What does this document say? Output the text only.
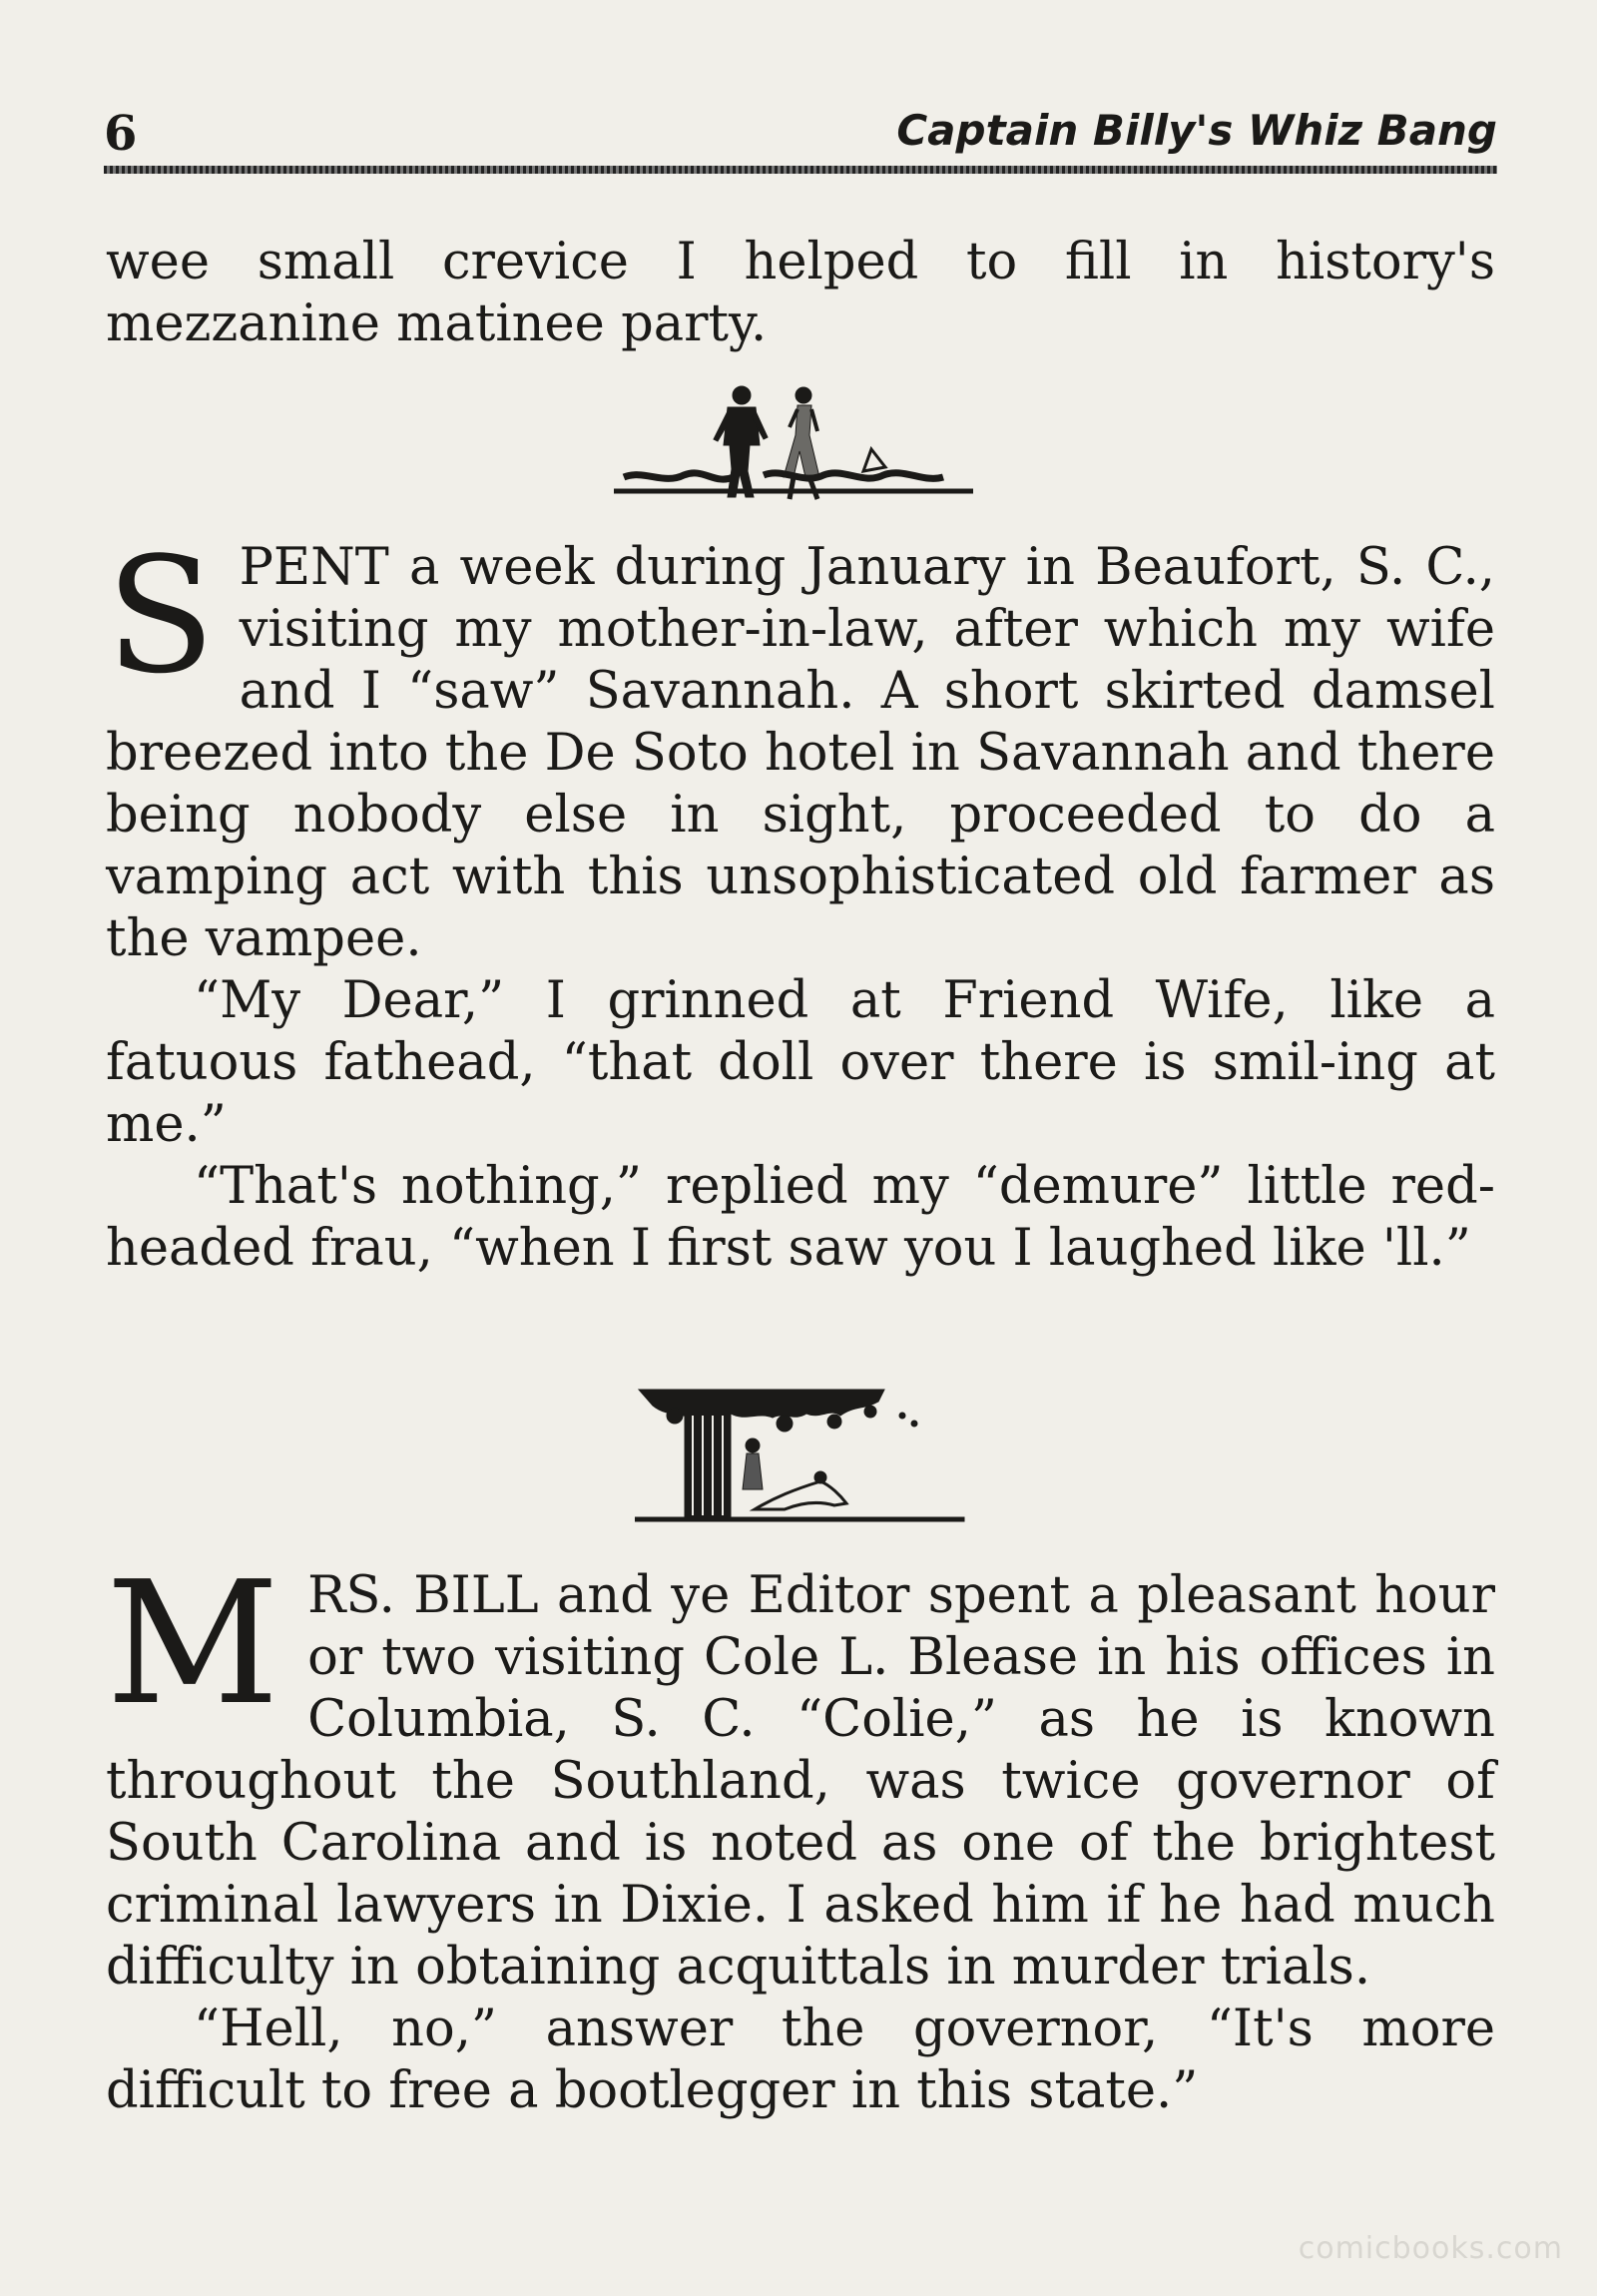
6	Captain Billy's Whiz Bang

wee small crevice I helped to fill in history's mezzanine matinee party.

S PENT a week during January in Beaufort, S. C., visiting my mother-in-law, after which my wife and I “saw” Savannah. A short skirted damsel breezed into the De Soto hotel in Savannah and there being nobody else in sight, proceeded to do a vamping act with this unsophisticated old farmer as the vampee.

“My Dear,” I grinned at Friend Wife, like a fatuous fathead, “that doll over there is smil-ing at me.”

“That's nothing,” replied my “demure” little red-headed frau, “when I first saw you I laughed like 'll.”

M RS. BILL and ye Editor spent a pleasant hour or two visiting Cole L. Blease in his offices in Columbia, S. C. “Colie,” as he is known throughout the Southland, was twice governor of South Carolina and is noted as one of the brightest criminal lawyers in Dixie. I asked him if he had much difficulty in obtaining acquittals in murder trials.

“Hell, no,” answer the governor, “It's more difficult to free a bootlegger in this state.”

comicbooks.com
